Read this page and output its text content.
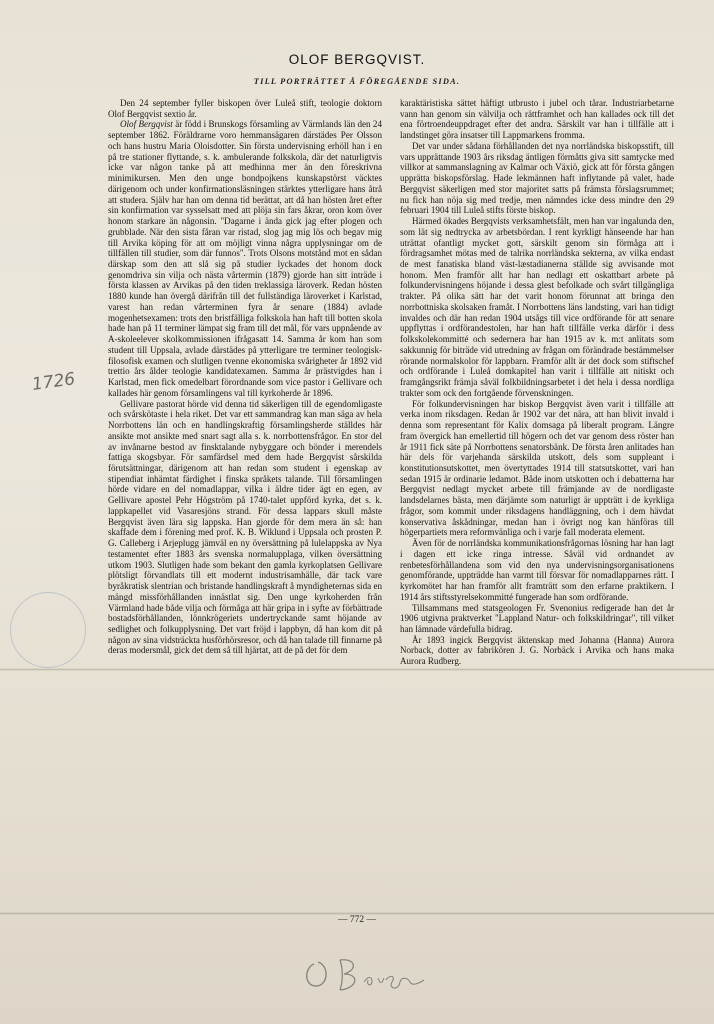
OLOF BERGQVIST.
TILL PORTRÄTTET Å FÖREGÅENDE SIDA.
1726

Den 24 september fyller biskopen över Luleå stift, teologie doktorn Olof Bergqvist sextio år.

Olof Bergqvist är född i Brunskogs församling av Värmlands län den 24 september 1862. Föräldrarne voro hemmansägaren därstädes Per Olsson och hans hustru Maria Oloisdotter. Sin första undervisning erhöll han i en på tre stationer flyttande, s. k. ambulerande folkskola, där det naturligtvis icke var någon tanke på att medhinna mer än den föreskrivna minimikursen. Men den unge bondpojkens kunskapstörst väcktes därigenom och under konfirmationsläsningen stärktes ytterligare hans åtrå att studera. Själv har han om denna tid berättat, att då han hösten året efter sin konfirmation var sysselsatt med att plöja sin fars åkrar, oron kom över honom starkare än någonsin. "Dagarne i ända gick jag efter plogen och grubblade. När den sista fåran var ristad, slog jag mig lös och begav mig till Arvika köping för att om möjligt vinna några upplysningar om de tillfällen till studier, som där funnos". Trots Olsons motstånd mot en sådan därskap som den att slå sig på studier lyckades det honom dock genomdriva sin vilja och nästa vårtermin (1879) gjorde han sitt inträde i första klassen av Arvikas på den tiden treklassiga läroverk. Redan hösten 1880 kunde han övergå därifrån till det fullständiga läroverket i Karlstad, varest han redan vårterminen fyra år senare (1884) avlade mogenhetsexamen: trots den bristfälliga folkskola han haft till botten skola hade han på 11 terminer lämpat sig fram till det mål, för vars uppnående av A-skoleelever skolkommissionen ifrågasatt 14. Samma år kom han som student till Uppsala, avlade därstädes på ytterligare tre terminer teologisk-filosofisk examen och slutligen tvenne ekonomiska svårigheter år 1892 vid trettio års ålder teologie kandidatexamen. Samma år prästvigdes han i Karlstad, men fick omedelbart förordnande som vice pastor i Gellivare och kallades här genom församlingens val till kyrkoherde år 1896.

Gellivare pastorat hörde vid denna tid säkerligen till de egendomligaste och svårskötaste i hela riket. Det var ett sammandrag kan man säga av hela Norrbottens län och en handlingskraftig församlingsherde ställdes här ansikte mot ansikte med snart sagt alla s. k. norrbottensfrågor. En stor del av invånarne bestod av finsktalande nybyggare och bönder i merendels fattiga skogsbyar. För samfärdsel med dem hade Bergqvist sårskilda förutsättningar, därigenom att han redan som student i egenskap av stipendiat inhämtat färdighet i finska språkets talande. Till församlingen hörde vidare en del nomadlappar, vilka i äldre tider ägt en egen, av Gellivare apostel Pehr Högström på 1740-talet uppförd kyrka, det s. k. lappkapellet vid Vasaresjöns strand. För dessa lappars skull måste Bergqvist även lära sig lappska. Han gjorde för dem mera än så: han skaffade dem i förening med prof. K. B. Wiklund i Uppsala och prosten P. G. Calleberg i Arjeplugg jämväl en ny översättning på lulelappska av Nya testamentet efter 1883 års svenska normalupplaga, vilken översättning utkom 1903. Slutligen hade som bekant den gamla kyrkoplatsen Gellivare plötsligt förvandlats till ett modernt industrisamhälle, där tack vare byråkratisk slentrian och bristande handlingskraft å myndigheternas sida en mängd missförhållanden innästlat sig. Den unge kyrkoherden från Värmland hade både vilja och förmåga att här gripa in i syfte av förbättrade bostadsförhållanden, lönnkrögeriets undertryckande samt höjande av sedlighet och folkupplysning. Det vart fröjd i lappbyn, då han kom dit på någon av sina vidsträckta husförhörsresor, och då han talade till finnarne på deras modersmål, gick det dem så till hjärtat, att de på det för dem

karaktäristiska sättet häftigt utbrusto i jubel och tårar. Industriarbetarne vann han genom sin välvilja och rättframhet och han kallades ock till det ena förtroendeuppdraget efter det andra. Särskilt var han i tillfälle att i landstinget göra insatser till Lappmarkens fromma.

Det var under sådana förhållanden det nya norrländska biskopsstift, till vars upprättande 1903 års riksdag äntligen förmåtts giva sitt samtycke med villkor at sammanslagning av Kalmar och Växiö, gick att för första gången upprätta biskopsförslag. Hade lekmännen haft inflytande på valet, hade Bergqvist säkerligen med stor majoritet satts på främsta förslagsrummet; nu fick han nöja sig med tredje, men nämndes icke dess mindre den 29 februari 1904 till Luleå stifts förste biskop.

Härmed ökades Bergqvists verksamhetsfält, men han var ingalunda den, som lät sig nedtrycka av arbetsbördan. I rent kyrkligt hänseende har han uträttat ofantligt mycket gott, särskilt genom sin förmåga att i fördragsamhet mötas med de talrika norrländska sekterna, av vilka endast de mest fanatiska bland väst-læstadianerna ställde sig avvisande mot honom. Men framför allt har han nedlagt ett oskattbart arbete på folkundervisningens höjande i dessa glest befolkade och svårt tillgängliga trakter. På olika sätt har det varit honom förunnat att bringa den norrbottniska skolsaken framåt. I Norrbottens läns landsting, vari han tidigt invaldes och där han redan 1904 utsågs till vice ordförande för att senare uppflyttas i ordförandestolen, har han haft tillfälle verka därför i dess folkskolekommitté och sedernera har han 1915 av k. m:t anlitats som sakkunnig för biträde vid utredning av frågan om förändrade bestämmelser rörande normalskolor för lappbarn. Framför allt är det dock som stiftschef och ordförande i Luleå domkapitel han varit i tillfälle att nitiskt och framgångsrikt främja såväl folkbildningsarbetet i det hela i dessa nordliga trakter som ock den fortgående förvenskningen.

För folkundervisningen har biskop Bergqvist även varit i tillfälle att verka inom riksdagen. Redan år 1902 var det nära, att han blivit invald i denna som representant för Kalix domsaga på liberalt program. Längre fram övergick han emellertid till högern och det var genom dess röster han år 1911 fick säte på Norrbottens senatorsbänk. De första åren anlitades han här dels för varjehanda särskilda utskott, dels som suppleant i konstitutionsutskottet, men övertyttades 1914 till statsutskottet, vari han sedan 1915 är ordinarie ledamot. Både inom utskotten och i debatterna har Bergqvist nedlagt mycket arbete till främjande av de nordligaste landsdelarnes bästa, men därjämte som naturligt är uppträtt i de kyrkliga frågor, som kommit under riksdagens handläggning, och i dem hävdat konservativa åskådningar, medan han i övrigt nog kan hänföras till högerpartiets mera reformvänliga och i varje fall moderata element.

Även för de norrländska kommunikationsfrågornas lösning har han lagt i dagen ett icke ringa intresse. Såväl vid ordnandet av renbetesförhållandena som vid den nya undervisningsorganisationens genomförande, uppträdde han varmt till försvar för nomadlapparnes rätt. I kyrkomötet har han framför allt framträtt som den erfarne praktikern. I 1914 års stiftsstyrelsekommitté fungerade han som ordförande.

Tillsammans med statsgeologen Fr. Svenonius redigerade han det år 1906 utgivna praktverket "Lappland Natur- och folkskildringar", till vilket han lämnade värdefulla bidrag.

År 1893 ingick Bergqvist äktenskap med Johanna (Hanna) Aurora Norback, dotter av fabrikören J. G. Norbäck i Arvika och hans maka Aurora Rudberg.

— 772 —
